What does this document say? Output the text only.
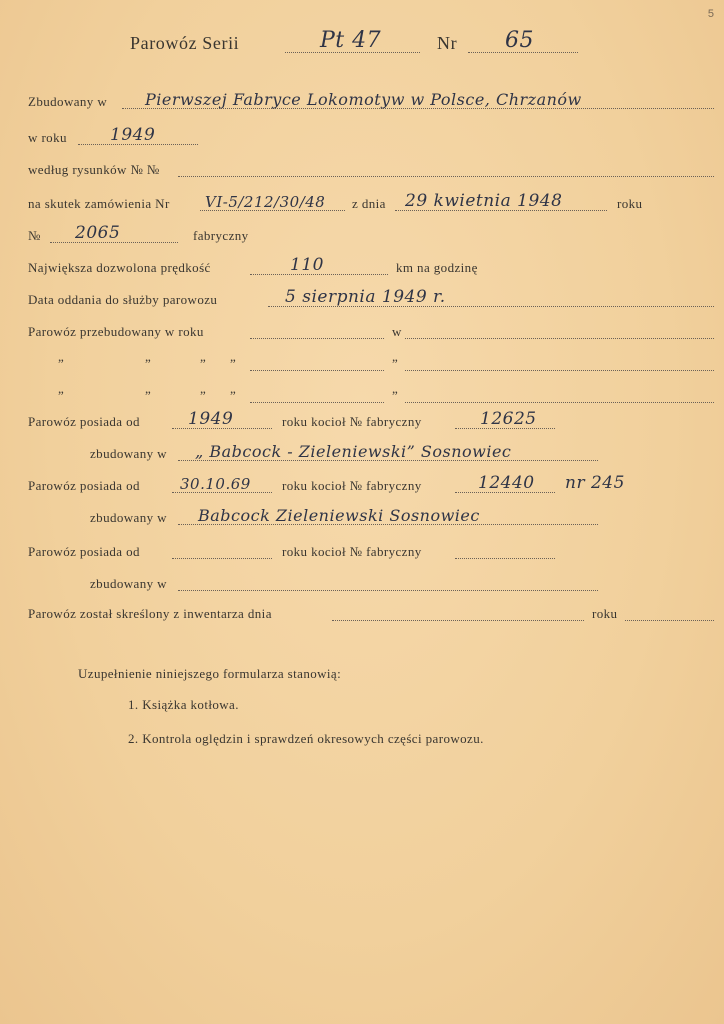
5
Parowóz Serii	Pt 47	Nr 65
Zbudowany w Pierwszej Fabryce Lokomotyw w Polsce, Chrzanów
w roku	1949
według rysunków № №
na skutek zamówienia Nr VI-5/212/30/48 z dnia 29 kwietnia 1948	roku
№ 2065	fabryczny
Największa dozwolona prędkość	110	km na godzinę
Data oddania do służby parowozu	5 sierpnia 1949 r.
Parowóz przebudowany w roku	w
”	”	” ”	”
”	”	” ”	”
Parowóz posiada od	1949	roku kocioł № fabryczny	12625
zbudowany w „ Babcock - Zieleniewski” Sosnowiec
Parowóz posiada od	30.10.69 roku kocioł № fabryczny	12440 nr 245
zbudowany w Babcock Zieleniewski Sosnowiec
Parowóz posiada od	roku kocioł № fabryczny
zbudowany w
Parowóz został skreślony z inwentarza dnia	roku
Uzupełnienie niniejszego formularza stanowią:
1. Książka kotłowa.
2. Kontrola oględzin i sprawdzeń okresowych części parowozu.
